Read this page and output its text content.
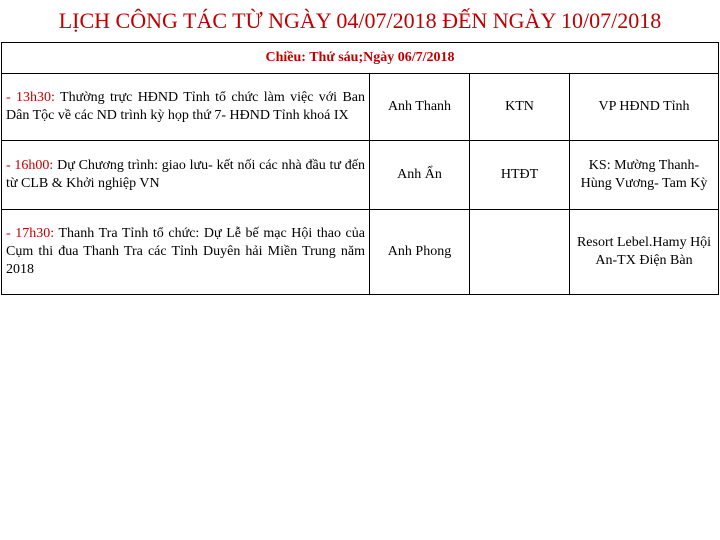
LỊCH CÔNG TÁC TỪ NGÀY 04/07/2018 ĐẾN NGÀY 10/07/2018
Chiều: Thứ sáu;Ngày 06/7/2018			
- 13h30: Thường trực HĐND Tỉnh tổ chức làm việc với Ban Dân Tộc về các ND trình kỳ họp thứ 7- HĐND Tỉnh khoá IX	Anh Thanh	KTN	VP HĐND Tỉnh
- 16h00: Dự Chương trình: giao lưu- kết nối các nhà đầu tư đến từ CLB & Khởi nghiệp VN	Anh Ẩn	HTĐT	KS: Mường Thanh- Hùng Vương- Tam Kỳ
- 17h30: Thanh Tra Tỉnh tổ chức: Dự Lễ bế mạc Hội thao của Cụm thi đua Thanh Tra các Tỉnh Duyên hải Miền Trung năm 2018	Anh Phong		Resort Lebel.Hamy Hội An-TX Điện Bàn
